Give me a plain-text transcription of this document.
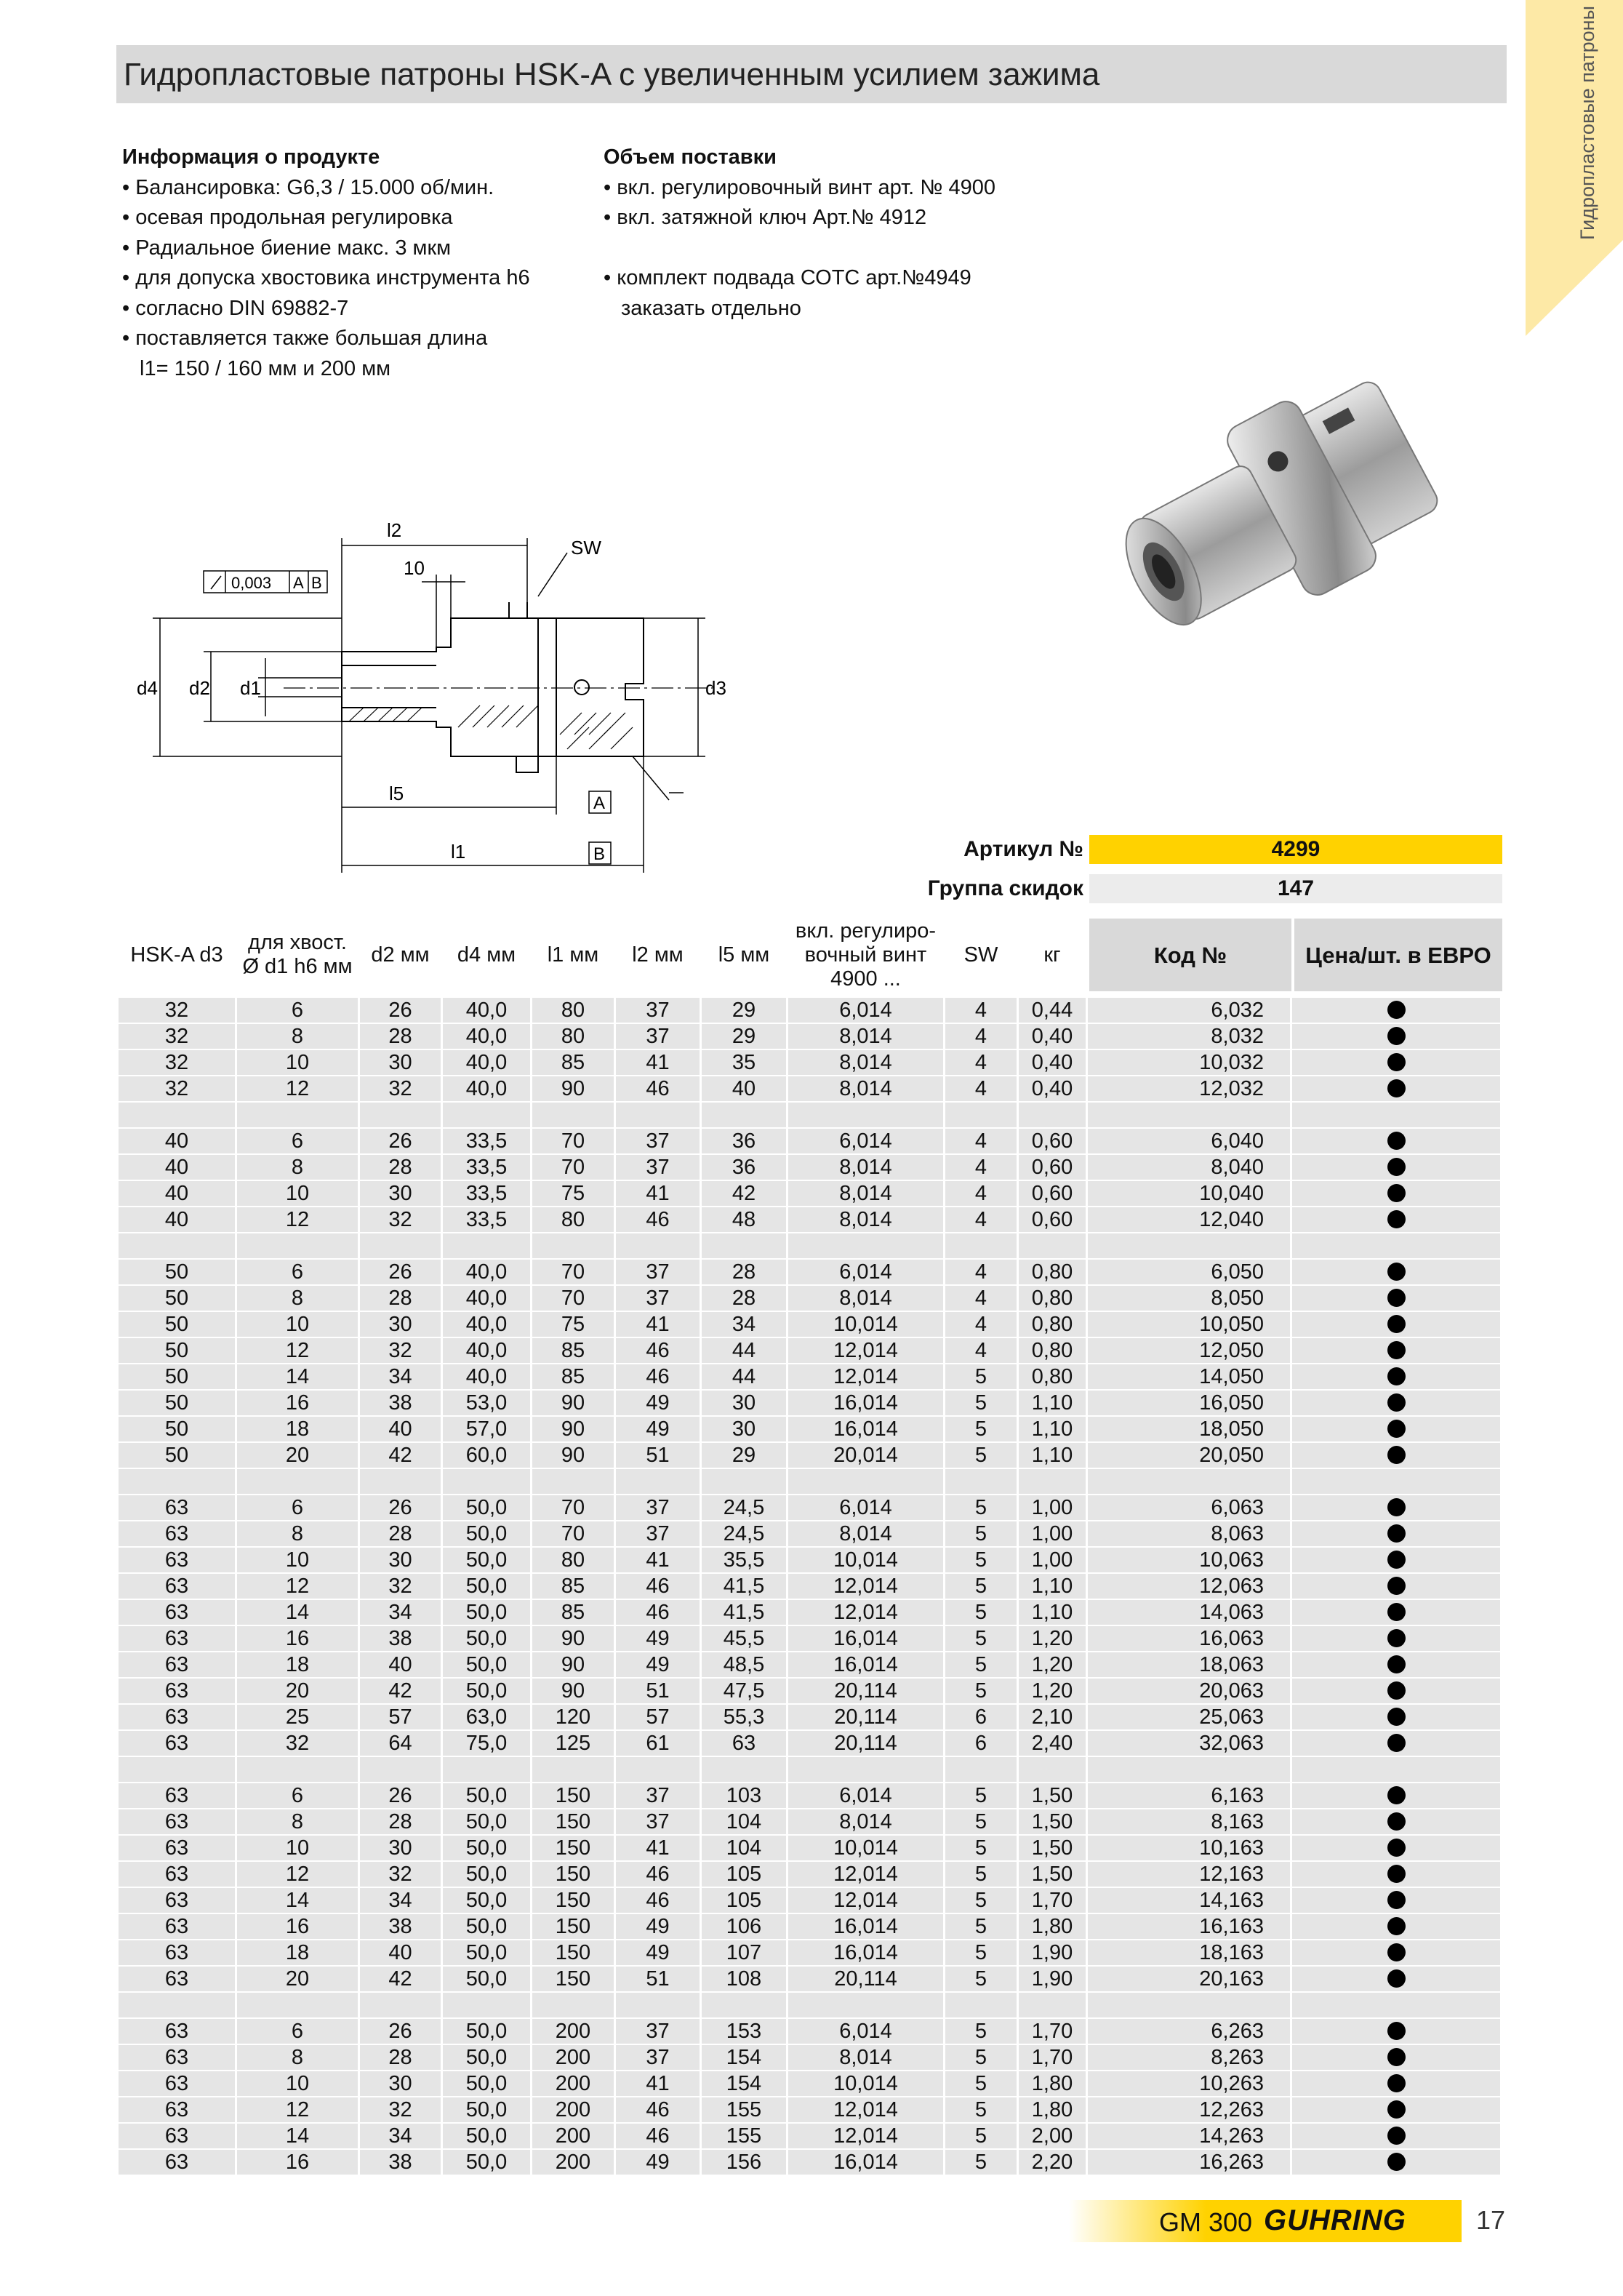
Гидропластовые патроны
Гидропластовые патроны HSK-A с увеличенным усилием зажима
Информация о продукте
• Балансировка: G6,3 / 15.000 об/мин.
• осевая продольная регулировка
• Радиальное биение макс. 3 мкм
• для допуска хвостовика инструмента h6
• согласно DIN 69882-7
• поставляется также большая длина
l1= 150 / 160 мм и 200 мм
Объем поставки
• вкл. регулировочный винт арт. № 4900
• вкл. затяжной ключ Арт.№ 4912
• комплект подвада СОТС арт.№4949
заказать отдельно
l2
10
SW
0,003 A B
d4 d2 d1	d3
l5
l1
A
B	Артикул №	4299
Группа скидок	147
HSK-A d3
для хвост. Ø d1 h6 мм
d2 мм	d4 мм	l1 мм	l2 мм	l5 мм
вкл. регулиро-вочный винт 4900 ...
SW	кг	Код №	Цена/шт. в ЕВРО
32	6	26	40,0	80	37	29	6,014	4	0,44	6,032
32	8	28	40,0	80	37	29	8,014	4	0,40	8,032
32	10	30	40,0	85	41	35	8,014	4	0,40	10,032
32	12	32	40,0	90	46	40	8,014	4	0,40	12,032
40	6	26	33,5	70	37	36	6,014	4	0,60	6,040
40	8	28	33,5	70	37	36	8,014	4	0,60	8,040
40	10	30	33,5	75	41	42	8,014	4	0,60	10,040
40	12	32	33,5	80	46	48	8,014	4	0,60	12,040
50	6	26	40,0	70	37	28	6,014	4	0,80	6,050
50	8	28	40,0	70	37	28	8,014	4	0,80	8,050
50	10	30	40,0	75	41	34	10,014	4	0,80	10,050
50	12	32	40,0	85	46	44	12,014	4	0,80	12,050
50	14	34	40,0	85	46	44	12,014	5	0,80	14,050
50	16	38	53,0	90	49	30	16,014	5	1,10	16,050
50	18	40	57,0	90	49	30	16,014	5	1,10	18,050
50	20	42	60,0	90	51	29	20,014	5	1,10	20,050
63	6	26	50,0	70	37	24,5	6,014	5	1,00	6,063
63	8	28	50,0	70	37	24,5	8,014	5	1,00	8,063
63	10	30	50,0	80	41	35,5	10,014	5	1,00	10,063
63	12	32	50,0	85	46	41,5	12,014	5	1,10	12,063
63	14	34	50,0	85	46	41,5	12,014	5	1,10	14,063
63	16	38	50,0	90	49	45,5	16,014	5	1,20	16,063
63	18	40	50,0	90	49	48,5	16,014	5	1,20	18,063
63	20	42	50,0	90	51	47,5	20,114	5	1,20	20,063
63	25	57	63,0	120	57	55,3	20,114	6	2,10	25,063
63	32	64	75,0	125	61	63	20,114	6	2,40	32,063
63	6	26	50,0	150	37	103	6,014	5	1,50	6,163
63	8	28	50,0	150	37	104	8,014	5	1,50	8,163
63	10	30	50,0	150	41	104	10,014	5	1,50	10,163
63	12	32	50,0	150	46	105	12,014	5	1,50	12,163
63	14	34	50,0	150	46	105	12,014	5	1,70	14,163
63	16	38	50,0	150	49	106	16,014	5	1,80	16,163
63	18	40	50,0	150	49	107	16,014	5	1,90	18,163
63	20	42	50,0	150	51	108	20,114	5	1,90	20,163
63	6	26	50,0	200	37	153	6,014	5	1,70	6,263
63	8	28	50,0	200	37	154	8,014	5	1,70	8,263
63	10	30	50,0	200	41	154	10,014	5	1,80	10,263
63	12	32	50,0	200	46	155	12,014	5	1,80	12,263
63	14	34	50,0	200	46	155	12,014	5	2,00	14,263
63	16	38	50,0	200	49	156	16,014	5	2,20	16,263
GM 300 GUHRING	17
